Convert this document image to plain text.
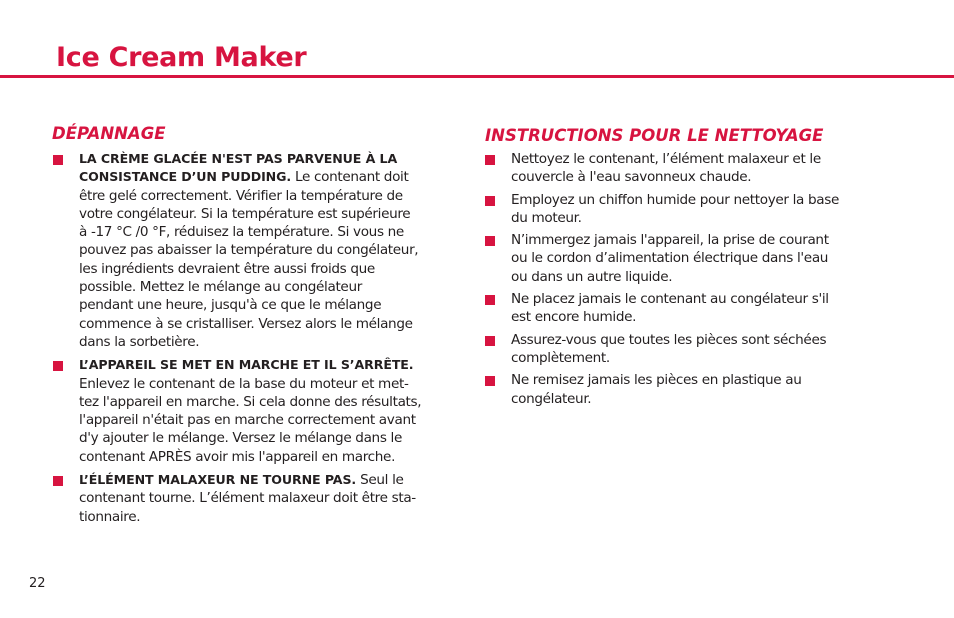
Ice Cream Maker
DÉPANNAGE	INSTRUCTIONS POUR LE NETTOYAGE
LA CRÈME GLACÉE N'EST PAS PARVENUE À LA CONSISTANCE D’UN PUDDING. Le contenant doit
être gelé correctement. Vérifier la température de
votre congélateur. Si la température est supérieure
à -17 °C /0 °F, réduisez la température. Si vous ne
pouvez pas abaisser la température du congélateur,
les ingrédients devraient être aussi froids que
possible. Mettez le mélange au congélateur
pendant une heure, jusqu'à ce que le mélange
commence à se cristalliser. Versez alors le mélange
dans la sorbetière.
L’APPAREIL SE MET EN MARCHE ET IL S’ARRÊTE.
Enlevez le contenant de la base du moteur et met-
tez l'appareil en marche. Si cela donne des résultats,
l'appareil n'était pas en marche correctement avant
d'y ajouter le mélange. Versez le mélange dans le
contenant APRÈS avoir mis l'appareil en marche.
L’ÉLÉMENT MALAXEUR NE TOURNE PAS. Seul le
contenant tourne. L’élément malaxeur doit être sta-
tionnaire.
Nettoyez le contenant, l’élément malaxeur et le
couvercle à l'eau savonneux chaude.
Employez un chiffon humide pour nettoyer la base
du moteur.
N’immergez jamais l'appareil, la prise de courant
ou le cordon d’alimentation électrique dans l'eau
ou dans un autre liquide.
Ne placez jamais le contenant au congélateur s'il
est encore humide.
Assurez-vous que toutes les pièces sont séchées
complètement.
Ne remisez jamais les pièces en plastique au
congélateur.
22
